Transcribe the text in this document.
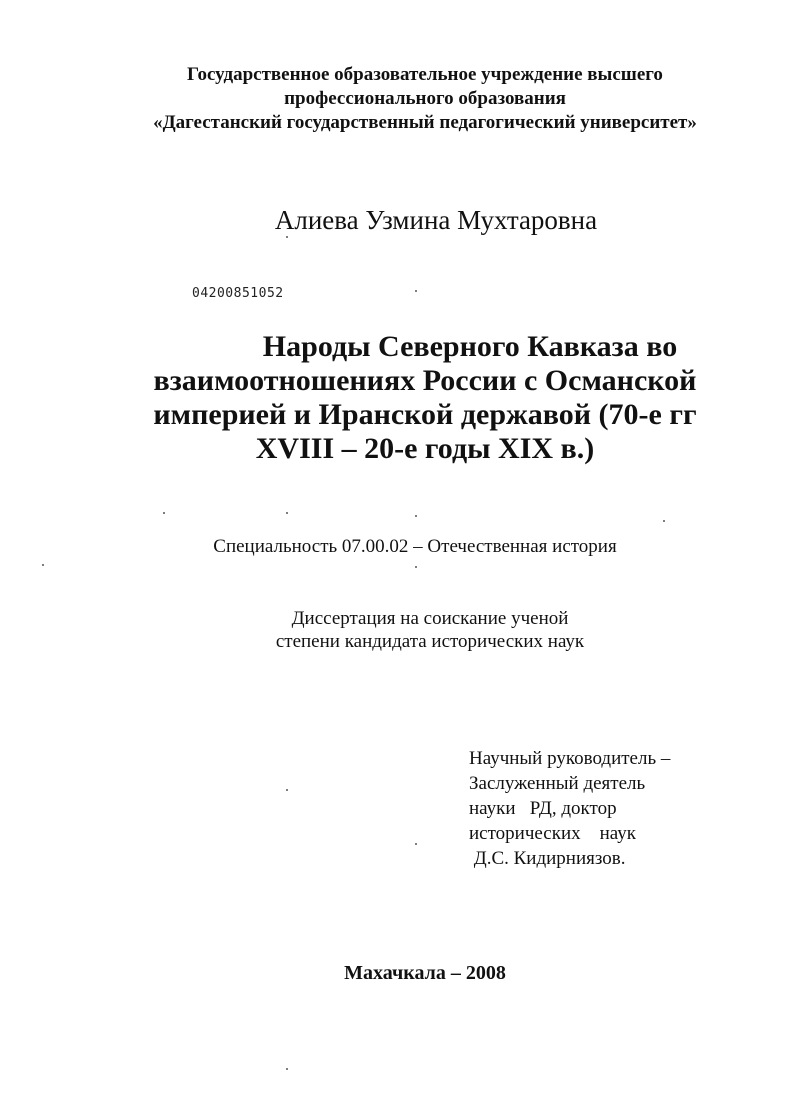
Государственное образовательное учреждение высшего
профессионального образования
«Дагестанский государственный педагогический университет»
Алиева Узмина Мухтаровна
04200851052
Народы Северного Кавказа во
взаимоотношениях России с Османской
империей и Иранской державой (70-е гг
XVIII – 20-е годы XIX в.)
Специальность 07.00.02 – Отечественная история
Диссертация на соискание ученой
степени кандидата исторических наук
Научный руководитель –
Заслуженный деятель
науки   РД, доктор
исторических    наук
Д.С. Кидирниязов.
Махачкала – 2008
